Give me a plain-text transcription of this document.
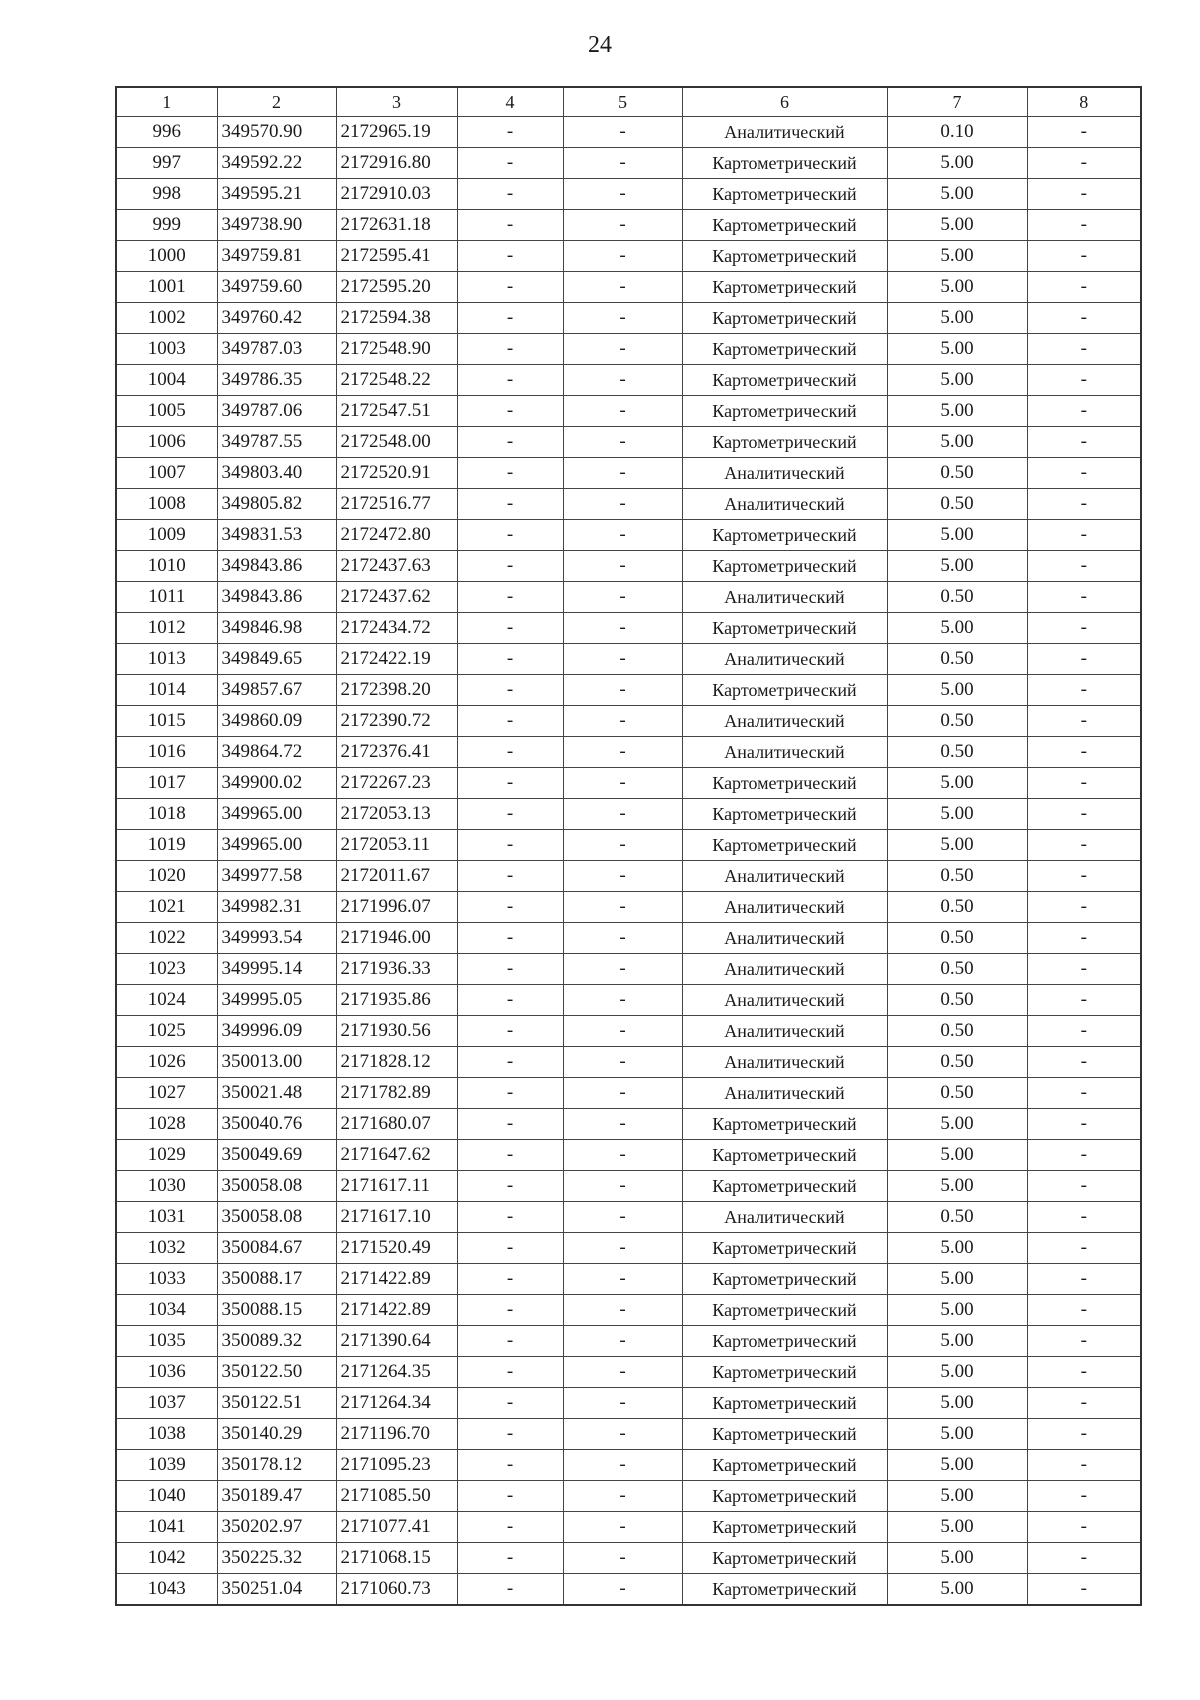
24
1	2	3	4	5	6	7	8
996	349570.90	2172965.19	-	-	Аналитический	0.10	-
997	349592.22	2172916.80	-	-	Картометрический	5.00	-
998	349595.21	2172910.03	-	-	Картометрический	5.00	-
999	349738.90	2172631.18	-	-	Картометрический	5.00	-
1000	349759.81	2172595.41	-	-	Картометрический	5.00	-
1001	349759.60	2172595.20	-	-	Картометрический	5.00	-
1002	349760.42	2172594.38	-	-	Картометрический	5.00	-
1003	349787.03	2172548.90	-	-	Картометрический	5.00	-
1004	349786.35	2172548.22	-	-	Картометрический	5.00	-
1005	349787.06	2172547.51	-	-	Картометрический	5.00	-
1006	349787.55	2172548.00	-	-	Картометрический	5.00	-
1007	349803.40	2172520.91	-	-	Аналитический	0.50	-
1008	349805.82	2172516.77	-	-	Аналитический	0.50	-
1009	349831.53	2172472.80	-	-	Картометрический	5.00	-
1010	349843.86	2172437.63	-	-	Картометрический	5.00	-
1011	349843.86	2172437.62	-	-	Аналитический	0.50	-
1012	349846.98	2172434.72	-	-	Картометрический	5.00	-
1013	349849.65	2172422.19	-	-	Аналитический	0.50	-
1014	349857.67	2172398.20	-	-	Картометрический	5.00	-
1015	349860.09	2172390.72	-	-	Аналитический	0.50	-
1016	349864.72	2172376.41	-	-	Аналитический	0.50	-
1017	349900.02	2172267.23	-	-	Картометрический	5.00	-
1018	349965.00	2172053.13	-	-	Картометрический	5.00	-
1019	349965.00	2172053.11	-	-	Картометрический	5.00	-
1020	349977.58	2172011.67	-	-	Аналитический	0.50	-
1021	349982.31	2171996.07	-	-	Аналитический	0.50	-
1022	349993.54	2171946.00	-	-	Аналитический	0.50	-
1023	349995.14	2171936.33	-	-	Аналитический	0.50	-
1024	349995.05	2171935.86	-	-	Аналитический	0.50	-
1025	349996.09	2171930.56	-	-	Аналитический	0.50	-
1026	350013.00	2171828.12	-	-	Аналитический	0.50	-
1027	350021.48	2171782.89	-	-	Аналитический	0.50	-
1028	350040.76	2171680.07	-	-	Картометрический	5.00	-
1029	350049.69	2171647.62	-	-	Картометрический	5.00	-
1030	350058.08	2171617.11	-	-	Картометрический	5.00	-
1031	350058.08	2171617.10	-	-	Аналитический	0.50	-
1032	350084.67	2171520.49	-	-	Картометрический	5.00	-
1033	350088.17	2171422.89	-	-	Картометрический	5.00	-
1034	350088.15	2171422.89	-	-	Картометрический	5.00	-
1035	350089.32	2171390.64	-	-	Картометрический	5.00	-
1036	350122.50	2171264.35	-	-	Картометрический	5.00	-
1037	350122.51	2171264.34	-	-	Картометрический	5.00	-
1038	350140.29	2171196.70	-	-	Картометрический	5.00	-
1039	350178.12	2171095.23	-	-	Картометрический	5.00	-
1040	350189.47	2171085.50	-	-	Картометрический	5.00	-
1041	350202.97	2171077.41	-	-	Картометрический	5.00	-
1042	350225.32	2171068.15	-	-	Картометрический	5.00	-
1043	350251.04	2171060.73	-	-	Картометрический	5.00	-
